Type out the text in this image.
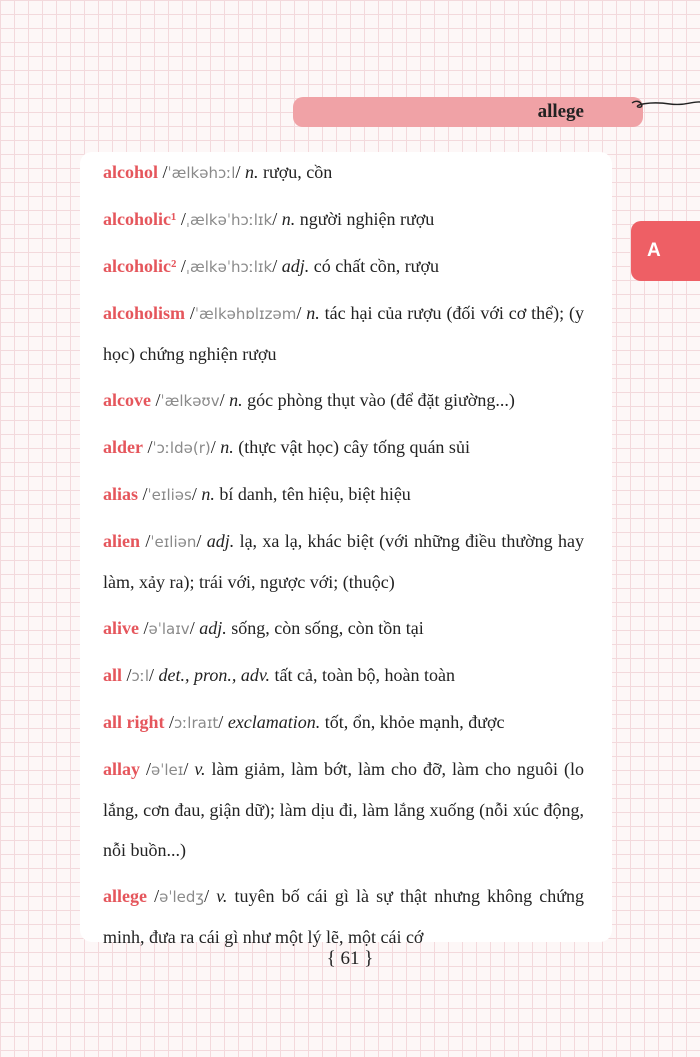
allege
A
alcohol /ˈælkəhɔːl/ n. rượu, cồn
alcoholic¹ /ˌælkəˈhɔːlɪk/ n. người nghiện rượu
alcoholic² /ˌælkəˈhɔːlɪk/ adj. có chất cồn, rượu
alcoholism /ˈælkəhɒlɪzəm/ n. tác hại của rượu (đối với cơ thể); (y học) chứng nghiện rượu
alcove /ˈælkəʊv/ n. góc phòng thụt vào (để đặt giường...)
alder /ˈɔːldə(r)/ n. (thực vật học) cây tống quán sủi
alias /ˈeɪliəs/ n. bí danh, tên hiệu, biệt hiệu
alien /ˈeɪliən/ adj. lạ, xa lạ, khác biệt (với những điều thường hay làm, xảy ra); trái với, ngược với; (thuộc)
alive /əˈlaɪv/ adj. sống, còn sống, còn tồn tại
all /ɔːl/ det., pron., adv. tất cả, toàn bộ, hoàn toàn
all right /ɔːlraɪt/ exclamation. tốt, ổn, khỏe mạnh, được
allay /əˈleɪ/ v. làm giảm, làm bớt, làm cho đỡ, làm cho nguôi (lo lắng, cơn đau, giận dữ); làm dịu đi, làm lắng xuống (nỗi xúc động, nỗi buồn...)
allege /əˈledʒ/ v. tuyên bố cái gì là sự thật nhưng không chứng minh, đưa ra cái gì như một lý lẽ, một cái cớ
{ 61 }
